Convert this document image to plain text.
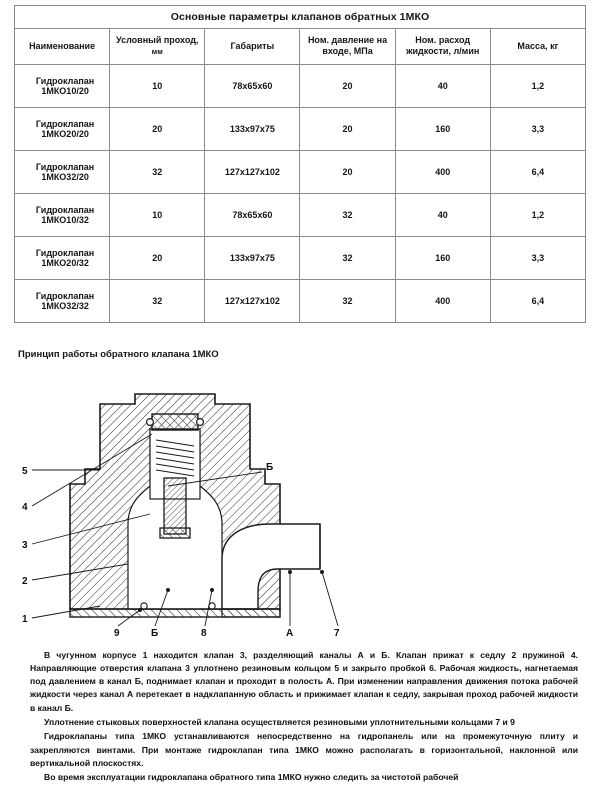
Основные параметры клапанов обратных 1МКО					
Наименование	Условный проход, мм	Габариты	Ном. давление на входе, МПа	Ном. расход жидкости, л/мин	Масса, кг
Гидроклапан 1МКО10/20	10	78х65х60	20	40	1,2
Гидроклапан 1МКО20/20	20	133х97х75	20	160	3,3
Гидроклапан 1МКО32/20	32	127х127х102	20	400	6,4
Гидроклапан 1МКО10/32	10	78х65х60	32	40	1,2
Гидроклапан 1МКО20/32	20	133х97х75	32	160	3,3
Гидроклапан 1МКО32/32	32	127х127х102	32	400	6,4
Принцип работы обратного клапана 1МКО
5
4
3
2
1
Б
9	Б	8	А	7

В чугунном корпусе 1 находится клапан 3, разделяющий каналы А и Б. Клапан прижат к седлу 2 пружиной 4. Направляющие отверстия клапана 3 уплотнено резиновым кольцом 5 и закрыто пробкой 6. Рабочая жидкость, нагнетаемая под давлением в канал Б, поднимает клапан и проходит в полость А. При изменении направления движения потока рабочей жидкости через канал А перетекает в надклапанную область и прижимает клапан к седлу, закрывая проход рабочей жидкости в канал Б.

Уплотнение стыковых поверхностей клапана осуществляется резиновыми уплотнительными кольцами 7 и 9

Гидроклапаны типа 1МКО устанавливаются непосредственно на гидропанель или на промежуточную плиту и закрепляются винтами. При монтаже гидроклапан типа 1МКО можно располагать в горизонтальной, наклонной или вертикальной плоскостях.

Во время эксплуатации гидроклапана обратного типа 1МКО нужно следить за чистотой рабочей
